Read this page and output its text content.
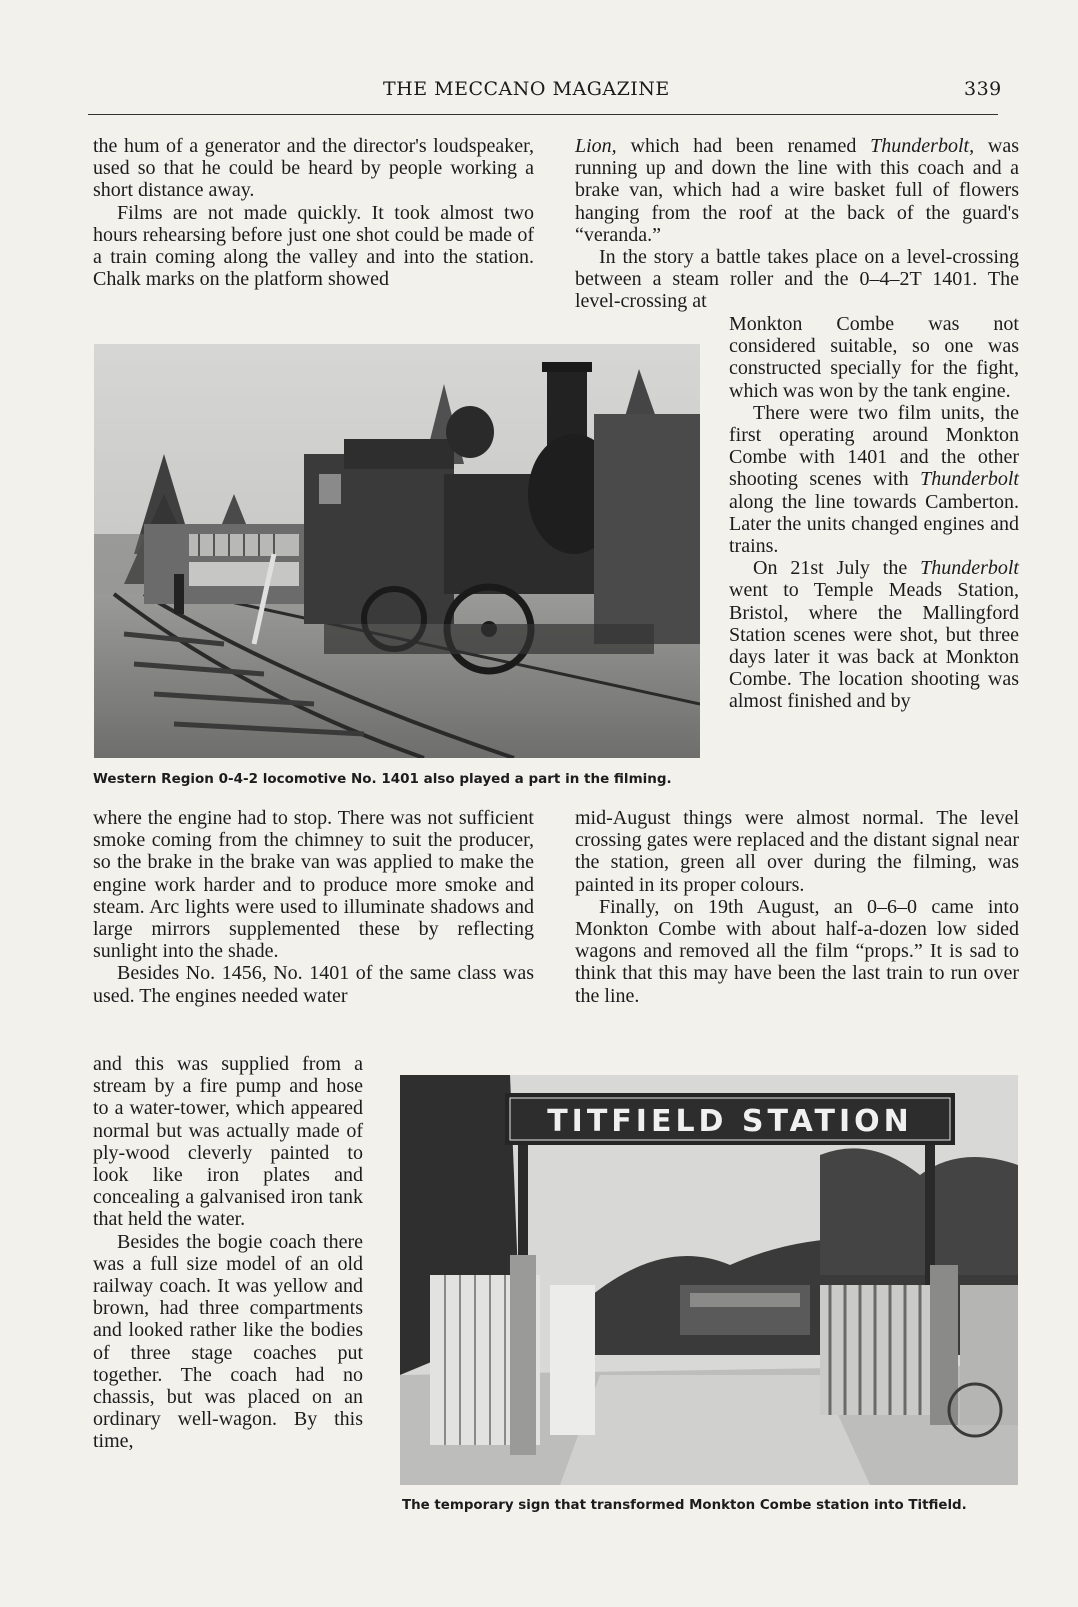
THE MECCANO MAGAZINE	339

the hum of a generator and the director's loudspeaker, used so that he could be heard by people working a short distance away.

Films are not made quickly. It took almost two hours rehearsing before just one shot could be made of a train coming along the valley and into the station. Chalk marks on the platform showed

Lion, which had been renamed Thunderbolt, was running up and down the line with this coach and a brake van, which had a wire basket full of flowers hanging from the roof at the back of the guard's “veranda.”

In the story a battle takes place on a level-crossing between a steam roller and the 0–4–2T 1401. The level-crossing at

Western Region 0-4-2 locomotive No. 1401 also played a part in the filming.

Monkton Combe was not considered suitable, so one was constructed specially for the fight, which was won by the tank engine.

There were two film units, the first operating around Monkton Combe with 1401 and the other shooting scenes with Thunderbolt along the line towards Camberton. Later the units changed engines and trains.

On 21st July the Thunderbolt went to Temple Meads Station, Bristol, where the Mallingford Station scenes were shot, but three days later it was back at Monkton Combe. The location shooting was almost finished and by

where the engine had to stop. There was not sufficient smoke coming from the chimney to suit the producer, so the brake in the brake van was applied to make the engine work harder and to produce more smoke and steam. Arc lights were used to illuminate shadows and large mirrors supplemented these by reflecting sunlight into the shade.

Besides No. 1456, No. 1401 of the same class was used. The engines needed water

mid-August things were almost normal. The level crossing gates were replaced and the distant signal near the station, green all over during the filming, was painted in its proper colours.

Finally, on 19th August, an 0–6–0 came into Monkton Combe with about half-a-dozen low sided wagons and removed all the film “props.” It is sad to think that this may have been the last train to run over the line.

and this was supplied from a stream by a fire pump and hose to a water-tower, which appeared normal but was actually made of ply-wood cleverly painted to look like iron plates and concealing a galvanised iron tank that held the water.

Besides the bogie coach there was a full size model of an old railway coach. It was yellow and brown, had three compartments and looked rather like the bodies of three stage coaches put together. The coach had no chassis, but was placed on an ordinary well-wagon. By this time,

TITFIELD STATION
The temporary sign that transformed Monkton Combe station into Titfield.
